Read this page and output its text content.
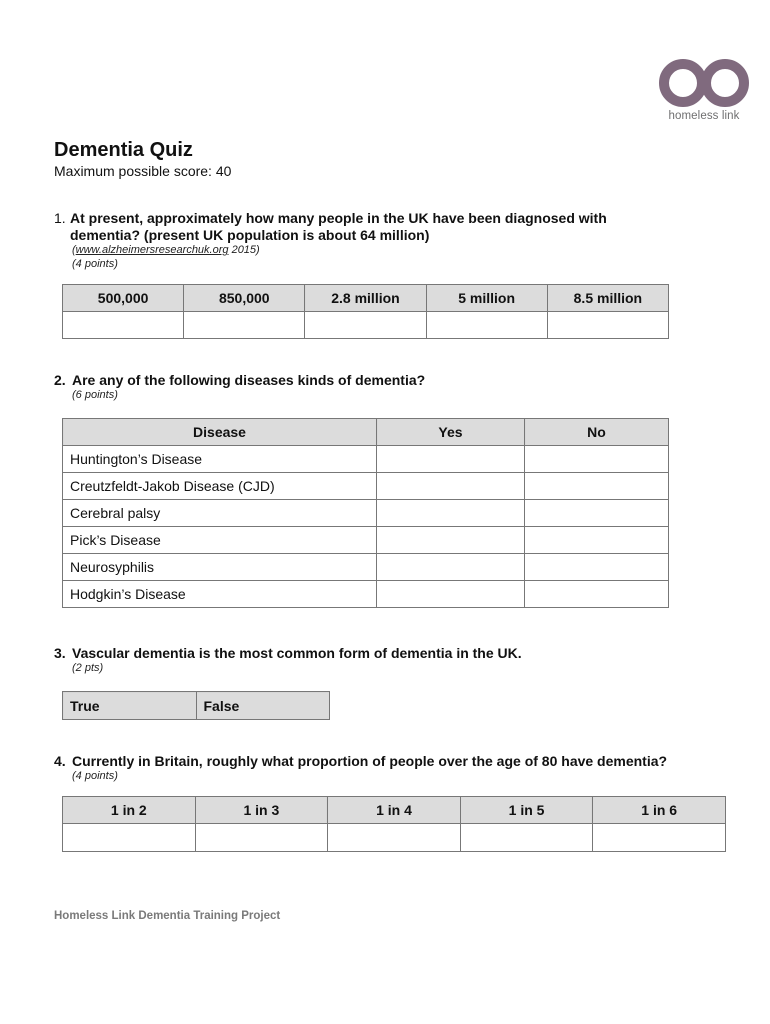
homeless link
Dementia Quiz
Maximum possible score: 40
1. At present, approximately how many people in the UK have been diagnosed with
dementia? (present UK population is about 64 million)
(www.alzheimersresearchuk.org 2015)
(4 points)
500,000	850,000	2.8 million	5 million	8.5 million

2. Are any of the following diseases kinds of dementia?
(6 points)
Disease	Yes	No
Huntington’s Disease		
Creutzfeldt-Jakob Disease (CJD)		
Cerebral palsy		
Pick’s Disease		
Neurosyphilis		
Hodgkin’s Disease		
3. Vascular dementia is the most common form of dementia in the UK.
(2 pts)
True	False
4. Currently in Britain, roughly what proportion of people over the age of 80 have dementia?
(4 points)
1 in 2	1 in 3	1 in 4	1 in 5	1 in 6

Homeless Link Dementia Training Project
